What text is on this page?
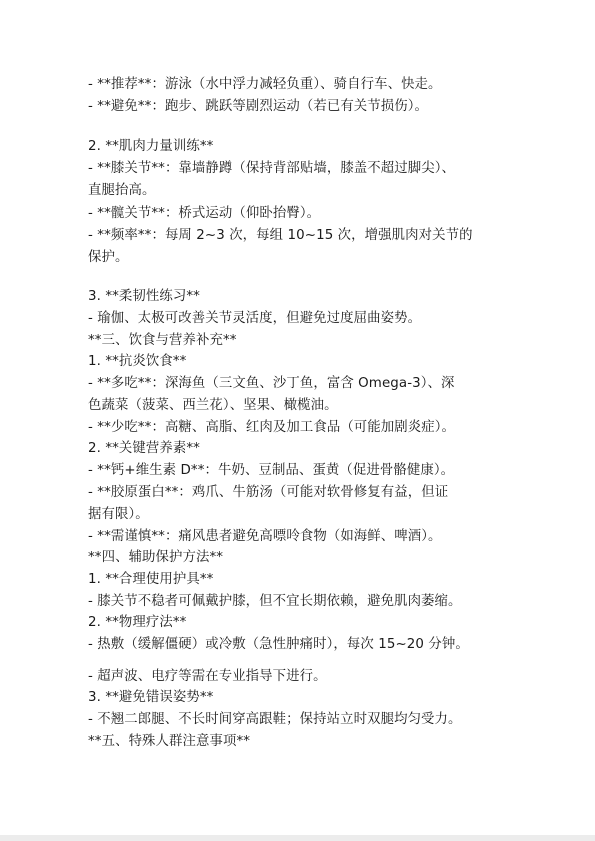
- **推荐**：游泳（水中浮力减轻负重）、骑自行车、快走。
- **避免**：跑步、跳跃等剧烈运动（若已有关节损伤）。
2. **肌肉力量训练**
- **膝关节**：靠墙静蹲（保持背部贴墙，膝盖不超过脚尖）、
直腿抬高。
- **髋关节**：桥式运动（仰卧抬臀）。
- **频率**：每周 2~3 次，每组 10~15 次，增强肌肉对关节的
保护。
3. **柔韧性练习**
- 瑜伽、太极可改善关节灵活度，但避免过度屈曲姿势。
**三、饮食与营养补充**
1. **抗炎饮食**
- **多吃**：深海鱼（三文鱼、沙丁鱼，富含 Omega-3）、深
色蔬菜（菠菜、西兰花）、坚果、橄榄油。
- **少吃**：高糖、高脂、红肉及加工食品（可能加剧炎症）。
2. **关键营养素**
- **钙+维生素 D**：牛奶、豆制品、蛋黄（促进骨骼健康）。
- **胶原蛋白**：鸡爪、牛筋汤（可能对软骨修复有益，但证
据有限）。
- **需谨慎**：痛风患者避免高嘌呤食物（如海鲜、啤酒）。
**四、辅助保护方法**
1. **合理使用护具**
- 膝关节不稳者可佩戴护膝，但不宜长期依赖，避免肌肉萎缩。
2. **物理疗法**
- 热敷（缓解僵硬）或冷敷（急性肿痛时），每次 15~20 分钟。
- 超声波、电疗等需在专业指导下进行。
3. **避免错误姿势**
- 不翘二郎腿、不长时间穿高跟鞋；保持站立时双腿均匀受力。
**五、特殊人群注意事项**
